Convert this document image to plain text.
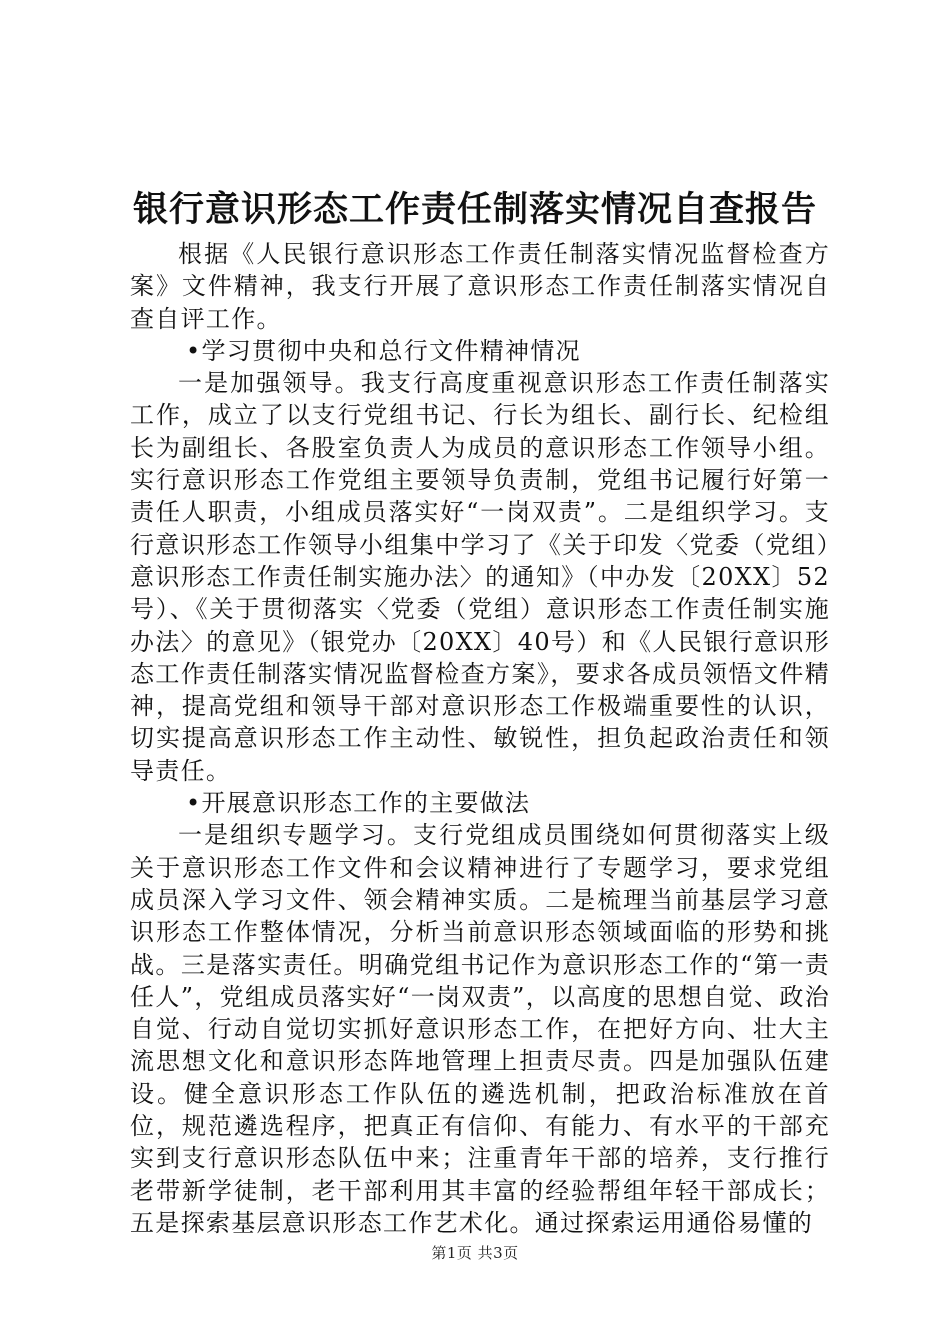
银行意识形态工作责任制落实情况自查报告

根据《人民银行意识形态工作责任制落实情况监督检查方案》文件精神，我支行开展了意识形态工作责任制落实情况自查自评工作。

•学习贯彻中央和总行文件精神情况

一是加强领导。我支行高度重视意识形态工作责任制落实工作，成立了以支行党组书记、行长为组长、副行长、纪检组长为副组长、各股室负责人为成员的意识形态工作领导小组。实行意识形态工作党组主要领导负责制，党组书记履行好第一责任人职责，小组成员落实好“一岗双责”。二是组织学习。支行意识形态工作领导小组集中学习了《关于印发〈党委（党组）意识形态工作责任制实施办法〉的通知》（中办发〔20XX〕52号）、《关于贯彻落实〈党委（党组）意识形态工作责任制实施办法〉的意见》（银党办〔20XX〕40号）和《人民银行意识形态工作责任制落实情况监督检查方案》，要求各成员领悟文件精神，提高党组和领导干部对意识形态工作极端重要性的认识，切实提高意识形态工作主动性、敏锐性，担负起政治责任和领导责任。

•开展意识形态工作的主要做法

一是组织专题学习。支行党组成员围绕如何贯彻落实上级关于意识形态工作文件和会议精神进行了专题学习，要求党组成员深入学习文件、领会精神实质。二是梳理当前基层学习意识形态工作整体情况，分析当前意识形态领域面临的形势和挑战。三是落实责任。明确党组书记作为意识形态工作的“第一责任人”，党组成员落实好“一岗双责”，以高度的思想自觉、政治自觉、行动自觉切实抓好意识形态工作，在把好方向、壮大主流思想文化和意识形态阵地管理上担责尽责。四是加强队伍建设。健全意识形态工作队伍的遴选机制，把政治标准放在首位，规范遴选程序，把真正有信仰、有能力、有水平的干部充实到支行意识形态队伍中来；注重青年干部的培养，支行推行老带新学徒制，老干部利用其丰富的经验帮组年轻干部成长；五是探索基层意识形态工作艺术化。通过探索运用通俗易懂的

第1页 共3页
